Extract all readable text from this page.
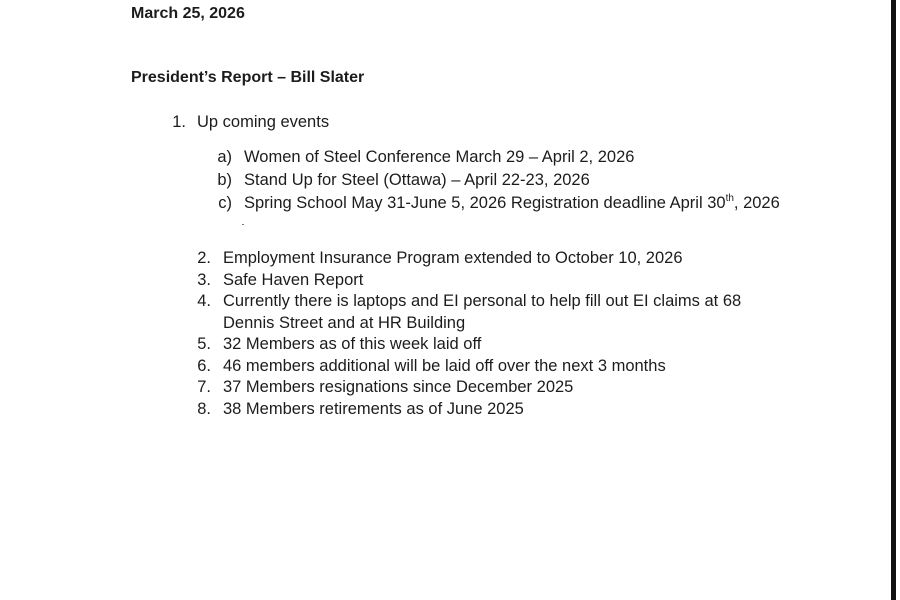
March 25, 2026
President’s Report – Bill Slater
1. Up coming events
a) Women of Steel Conference March 29 – April 2, 2026
b) Stand Up for Steel (Ottawa) – April 22-23, 2026
c) Spring School May 31-June 5, 2026 Registration deadline April 30th, 2026
2. Employment Insurance Program extended to October 10, 2026
3. Safe Haven Report
4. Currently there is laptops and EI personal to help fill out EI claims at 68
Dennis Street and at HR Building
5. 32 Members as of this week laid off
6. 46 members additional will be laid off over the next 3 months
7. 37 Members resignations since December 2025
8. 38 Members retirements as of June 2025
